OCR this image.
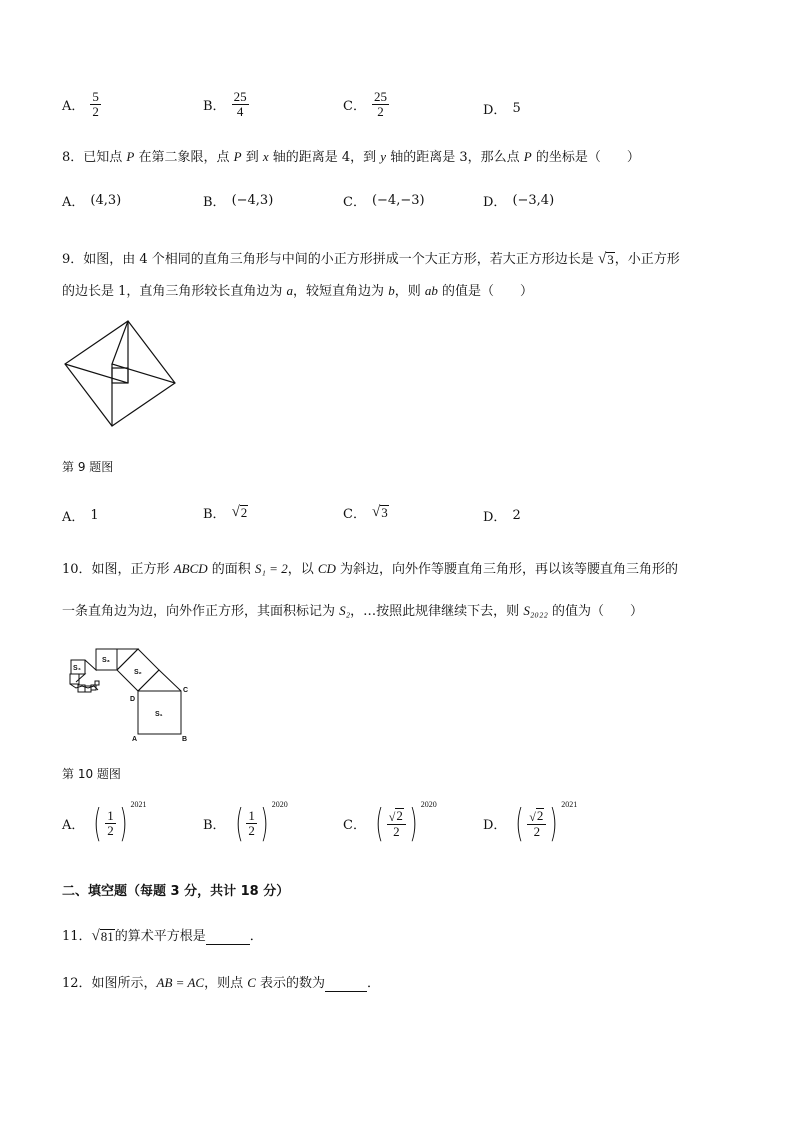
A． $\frac{5}{2}$	B． $\frac{25}{4}$	C． $\frac{25}{2}$	D． 5
8．已知点 P 在第二象限，点 P 到 x 轴的距离是 4，到 y 轴的距离是 3，那么点 P 的坐标是（　　）
A． (4,3)	B． (−4,3)	C． (−4,−3)	D． (−3,4)
9．如图，由 4 个相同的直角三角形与中间的小正方形拼成一个大正方形，若大正方形边长是 √ 3 ，小正方形
的边长是 1，直角三角形较长直角边为 a，较短直角边为 b，则 ab 的值是（　　）
第 9 题图
A． 1	B． √ 2	C． √ 3	D． 2
10．如图，正方形 ABCD 的面积 S₁ = 2，以 CD 为斜边，向外作等腰直角三角形，再以该等腰直角三角形的
一条直角边为边，向外作正方形，其面积标记为 S₂，…按照此规律继续下去，则 S₂₀₂₂ 的值为（　　）
S₁
S₂
S₃
S₄
A	B
C
D
第 10 题图
A． ( $\frac{1}{2}$ ) 2021
B． ( $\frac{1}{2}$ ) 2020
C． ( $\frac{√ 2}{2}$ ) 2020
D． ( $\frac{√ 2}{2}$ ) 2021
二、填空题（每题 3 分，共计 18 分）
11． √ 81 的算术平方根是	．
12．如图所示，AB = AC，则点 C 表示的数为	．
